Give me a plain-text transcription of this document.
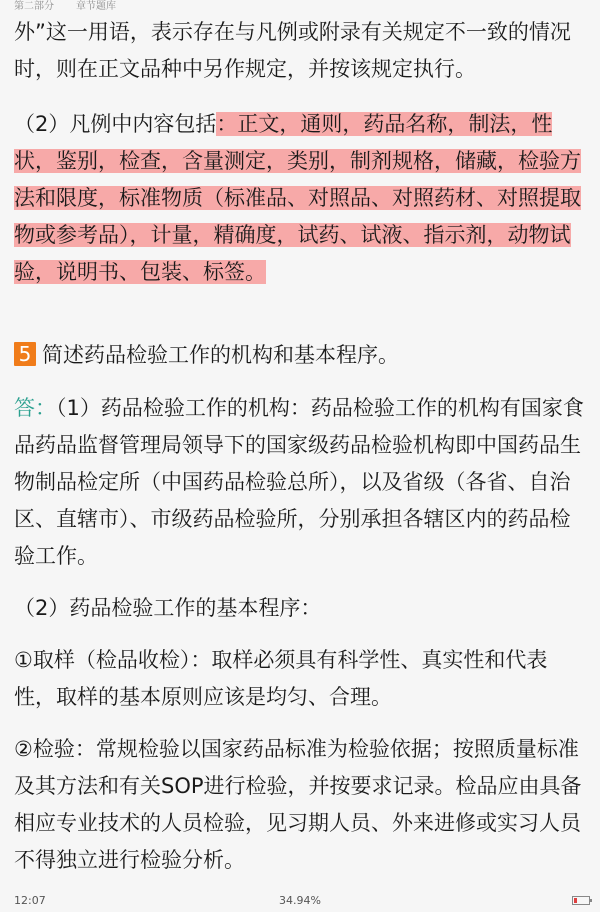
第二部分 章节题库

外”这一用语，表示存在与凡例或附录有关规定不一致的情况时，则在正文品种中另作规定，并按该规定执行。

（2）凡例中内容包括：正文，通则，药品名称，制法，性状，鉴别，检查，含量测定，类别，制剂规格，储藏，检验方法和限度，标准物质（标准品、对照品、对照药材、对照提取物或参考品），计量，精确度，试药、试液、指示剂，动物试验，说明书、包装、标签。

5 简述药品检验工作的机构和基本程序。

答：（1）药品检验工作的机构：药品检验工作的机构有国家食品药品监督管理局领导下的国家级药品检验机构即中国药品生物制品检定所（中国药品检验总所），以及省级（各省、自治区、直辖市）、市级药品检验所，分别承担各辖区内的药品检验工作。

（2）药品检验工作的基本程序：

①取样（检品收检）：取样必须具有科学性、真实性和代表性，取样的基本原则应该是均匀、合理。

②检验：常规检验以国家药品标准为检验依据；按照质量标准及其方法和有关SOP进行检验，并按要求记录。检品应由具备相应专业技术的人员检验，见习期人员、外来进修或实习人员不得独立进行检验分析。

12:07	34.94%
